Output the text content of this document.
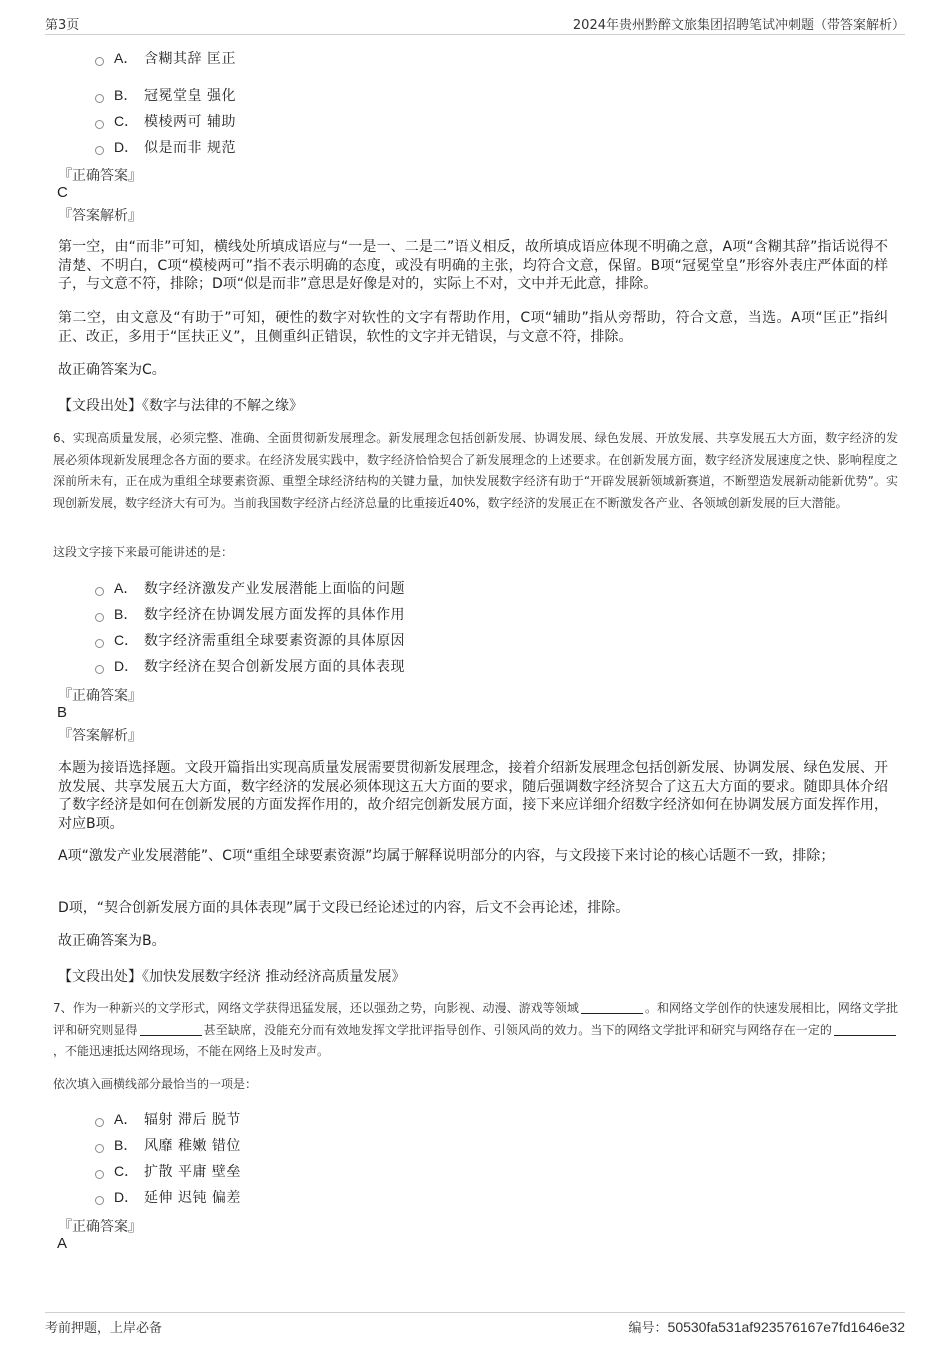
第3页	2024年贵州黔醉文旅集团招聘笔试冲刺题（带答案解析）
A． 含糊其辞 匡正
B． 冠冕堂皇 强化
C． 模棱两可 辅助
D． 似是而非 规范
『正确答案』
C
『答案解析』
第一空，由“而非”可知，横线处所填成语应与“一是一、二是二”语义相反，故所填成语应体现不明确之意，A项“含糊其辞”指话说得不清楚、不明白，C项“模棱两可”指不表示明确的态度，或没有明确的主张，均符合文意，保留。B项“冠冕堂皇”形容外表庄严体面的样子，与文意不符，排除；D项“似是而非”意思是好像是对的，实际上不对，文中并无此意，排除。
第二空，由文意及“有助于”可知，硬性的数字对软性的文字有帮助作用，C项“辅助”指从旁帮助，符合文意，当选。A项“匡正”指纠正、改正，多用于“匡扶正义”，且侧重纠正错误，软性的文字并无错误，与文意不符，排除。
故正确答案为C。
【文段出处】《数字与法律的不解之缘》
6、实现高质量发展，必须完整、准确、全面贯彻新发展理念。新发展理念包括创新发展、协调发展、绿色发展、开放发展、共享发展五大方面，数字经济的发展必须体现新发展理念各方面的要求。在经济发展实践中，数字经济恰恰契合了新发展理念的上述要求。在创新发展方面，数字经济发展速度之快、影响程度之深前所未有，正在成为重组全球要素资源、重塑全球经济结构的关键力量，加快发展数字经济有助于“开辟发展新领域新赛道，不断塑造发展新动能新优势”。实现创新发展，数字经济大有可为。当前我国数字经济占经济总量的比重接近40%，数字经济的发展正在不断激发各产业、各领域创新发展的巨大潜能。
这段文字接下来最可能讲述的是：
A． 数字经济激发产业发展潜能上面临的问题
B． 数字经济在协调发展方面发挥的具体作用
C． 数字经济需重组全球要素资源的具体原因
D． 数字经济在契合创新发展方面的具体表现
『正确答案』
B
『答案解析』
本题为接语选择题。文段开篇指出实现高质量发展需要贯彻新发展理念，接着介绍新发展理念包括创新发展、协调发展、绿色发展、开放发展、共享发展五大方面，数字经济的发展必须体现这五大方面的要求，随后强调数字经济契合了这五大方面的要求。随即具体介绍了数字经济是如何在创新发展的方面发挥作用的，故介绍完创新发展方面，接下来应详细介绍数字经济如何在协调发展方面发挥作用，对应B项。
A项“激发产业发展潜能”、C项“重组全球要素资源”均属于解释说明部分的内容，与文段接下来讨论的核心话题不一致，排除；
D项，“契合创新发展方面的具体表现”属于文段已经论述过的内容，后文不会再论述，排除。
故正确答案为B。
【文段出处】《加快发展数字经济 推动经济高质量发展》
7、作为一种新兴的文学形式，网络文学获得迅猛发展，还以强劲之势，向影视、动漫、游戏等领域	。和网络文学创作的快速发展相比，网络文学批评和研究则显得	甚至缺席，没能充分而有效地发挥文学批评指导创作、引领风尚的效力。当下的网络文学批评和研究与网络存在一定的，不能迅速抵达网络现场，不能在网络上及时发声。
依次填入画横线部分最恰当的一项是：
A． 辐射 滞后 脱节
B． 风靡 稚嫩 错位
C． 扩散 平庸 壁垒
D． 延伸 迟钝 偏差
『正确答案』
A
考前押题，上岸必备	编号：50530fa531af923576167e7fd1646e32
